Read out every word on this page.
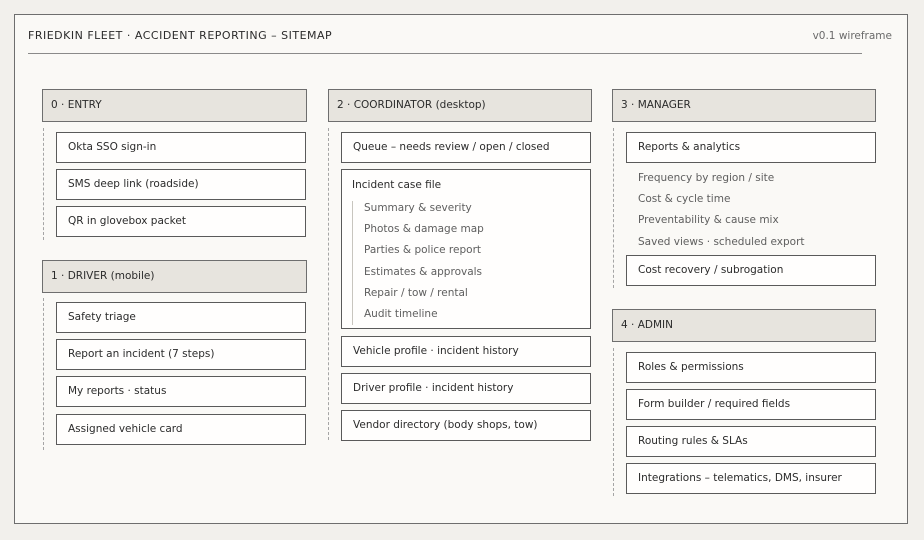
FRIEDKIN FLEET · ACCIDENT REPORTING – SITEMAP	v0.1 wireframe
0 · ENTRY
Okta SSO sign-in
SMS deep link (roadside)
QR in glovebox packet
1 · DRIVER (mobile)
Safety triage
Report an incident (7 steps)
My reports · status
Assigned vehicle card
2 · COORDINATOR (desktop)
Queue – needs review / open / closed
Incident case file
Summary & severity
Photos & damage map
Parties & police report
Estimates & approvals
Repair / tow / rental
Audit timeline
Vehicle profile · incident history
Driver profile · incident history
Vendor directory (body shops, tow)
3 · MANAGER
Reports & analytics
Frequency by region / site
Cost & cycle time
Preventability & cause mix
Saved views · scheduled export
Cost recovery / subrogation
4 · ADMIN
Roles & permissions
Form builder / required fields
Routing rules & SLAs
Integrations – telematics, DMS, insurer
